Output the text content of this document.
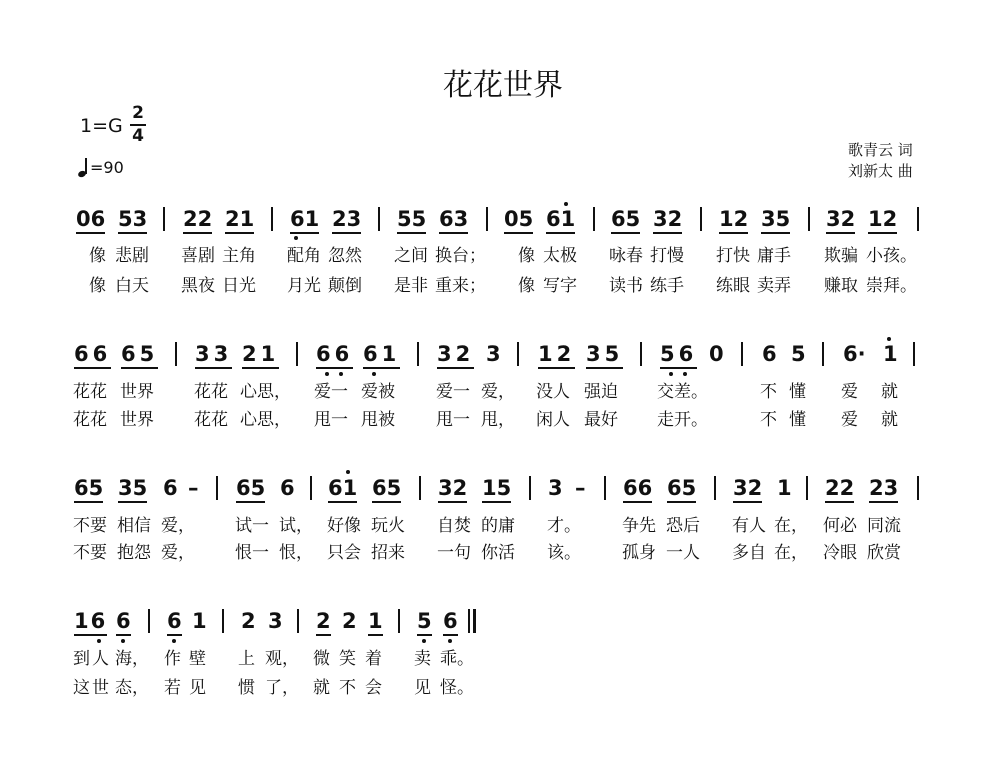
花花世界
1=G
2
4
=90
歌青云 词
刘新太 曲
06 53 22 21 61 23 55 63 05 61 65 32 12 35 32 12
像 悲剧 喜剧 主角 配角 忽然 之间 换台； 像 太极 咏春 打慢 打快 庸手 欺骗 小孩。
像 白天 黑夜 日光 月光 颠倒 是非 重来； 像 写字 读书 练手 练眼 卖弄 赚取 崇拜。
66 65 33 21 66 61 32 3 12 35 56 0 6 5 6· 1
花花 世界 花花 心思， 爱一 爱被 爱一 爱， 没人 强迫 交差。	不 懂 爱 就
花花 世界 花花 心思， 甩一 甩被 甩一 甩， 闲人 最好 走开。	不 懂 爱 就
65 35 6 – 65 6 61 65 32 15 3 – 66 65 32 1 22 23
不要 相信 爱， 试一 试， 好像 玩火 自焚 的庸 才。 争先 恐后 有人 在， 何必 同流
不要 抱怨 爱， 恨一 恨， 只会 招来 一句 你活 该。 孤身 一人 多自 在， 冷眼 欣赏
16 6 6 1 2 3 2 2 1 5 6
到 人 海， 作 壁 上 观， 微 笑 着 卖 乖。
这 世 态， 若 见 惯 了， 就 不 会 见 怪。
